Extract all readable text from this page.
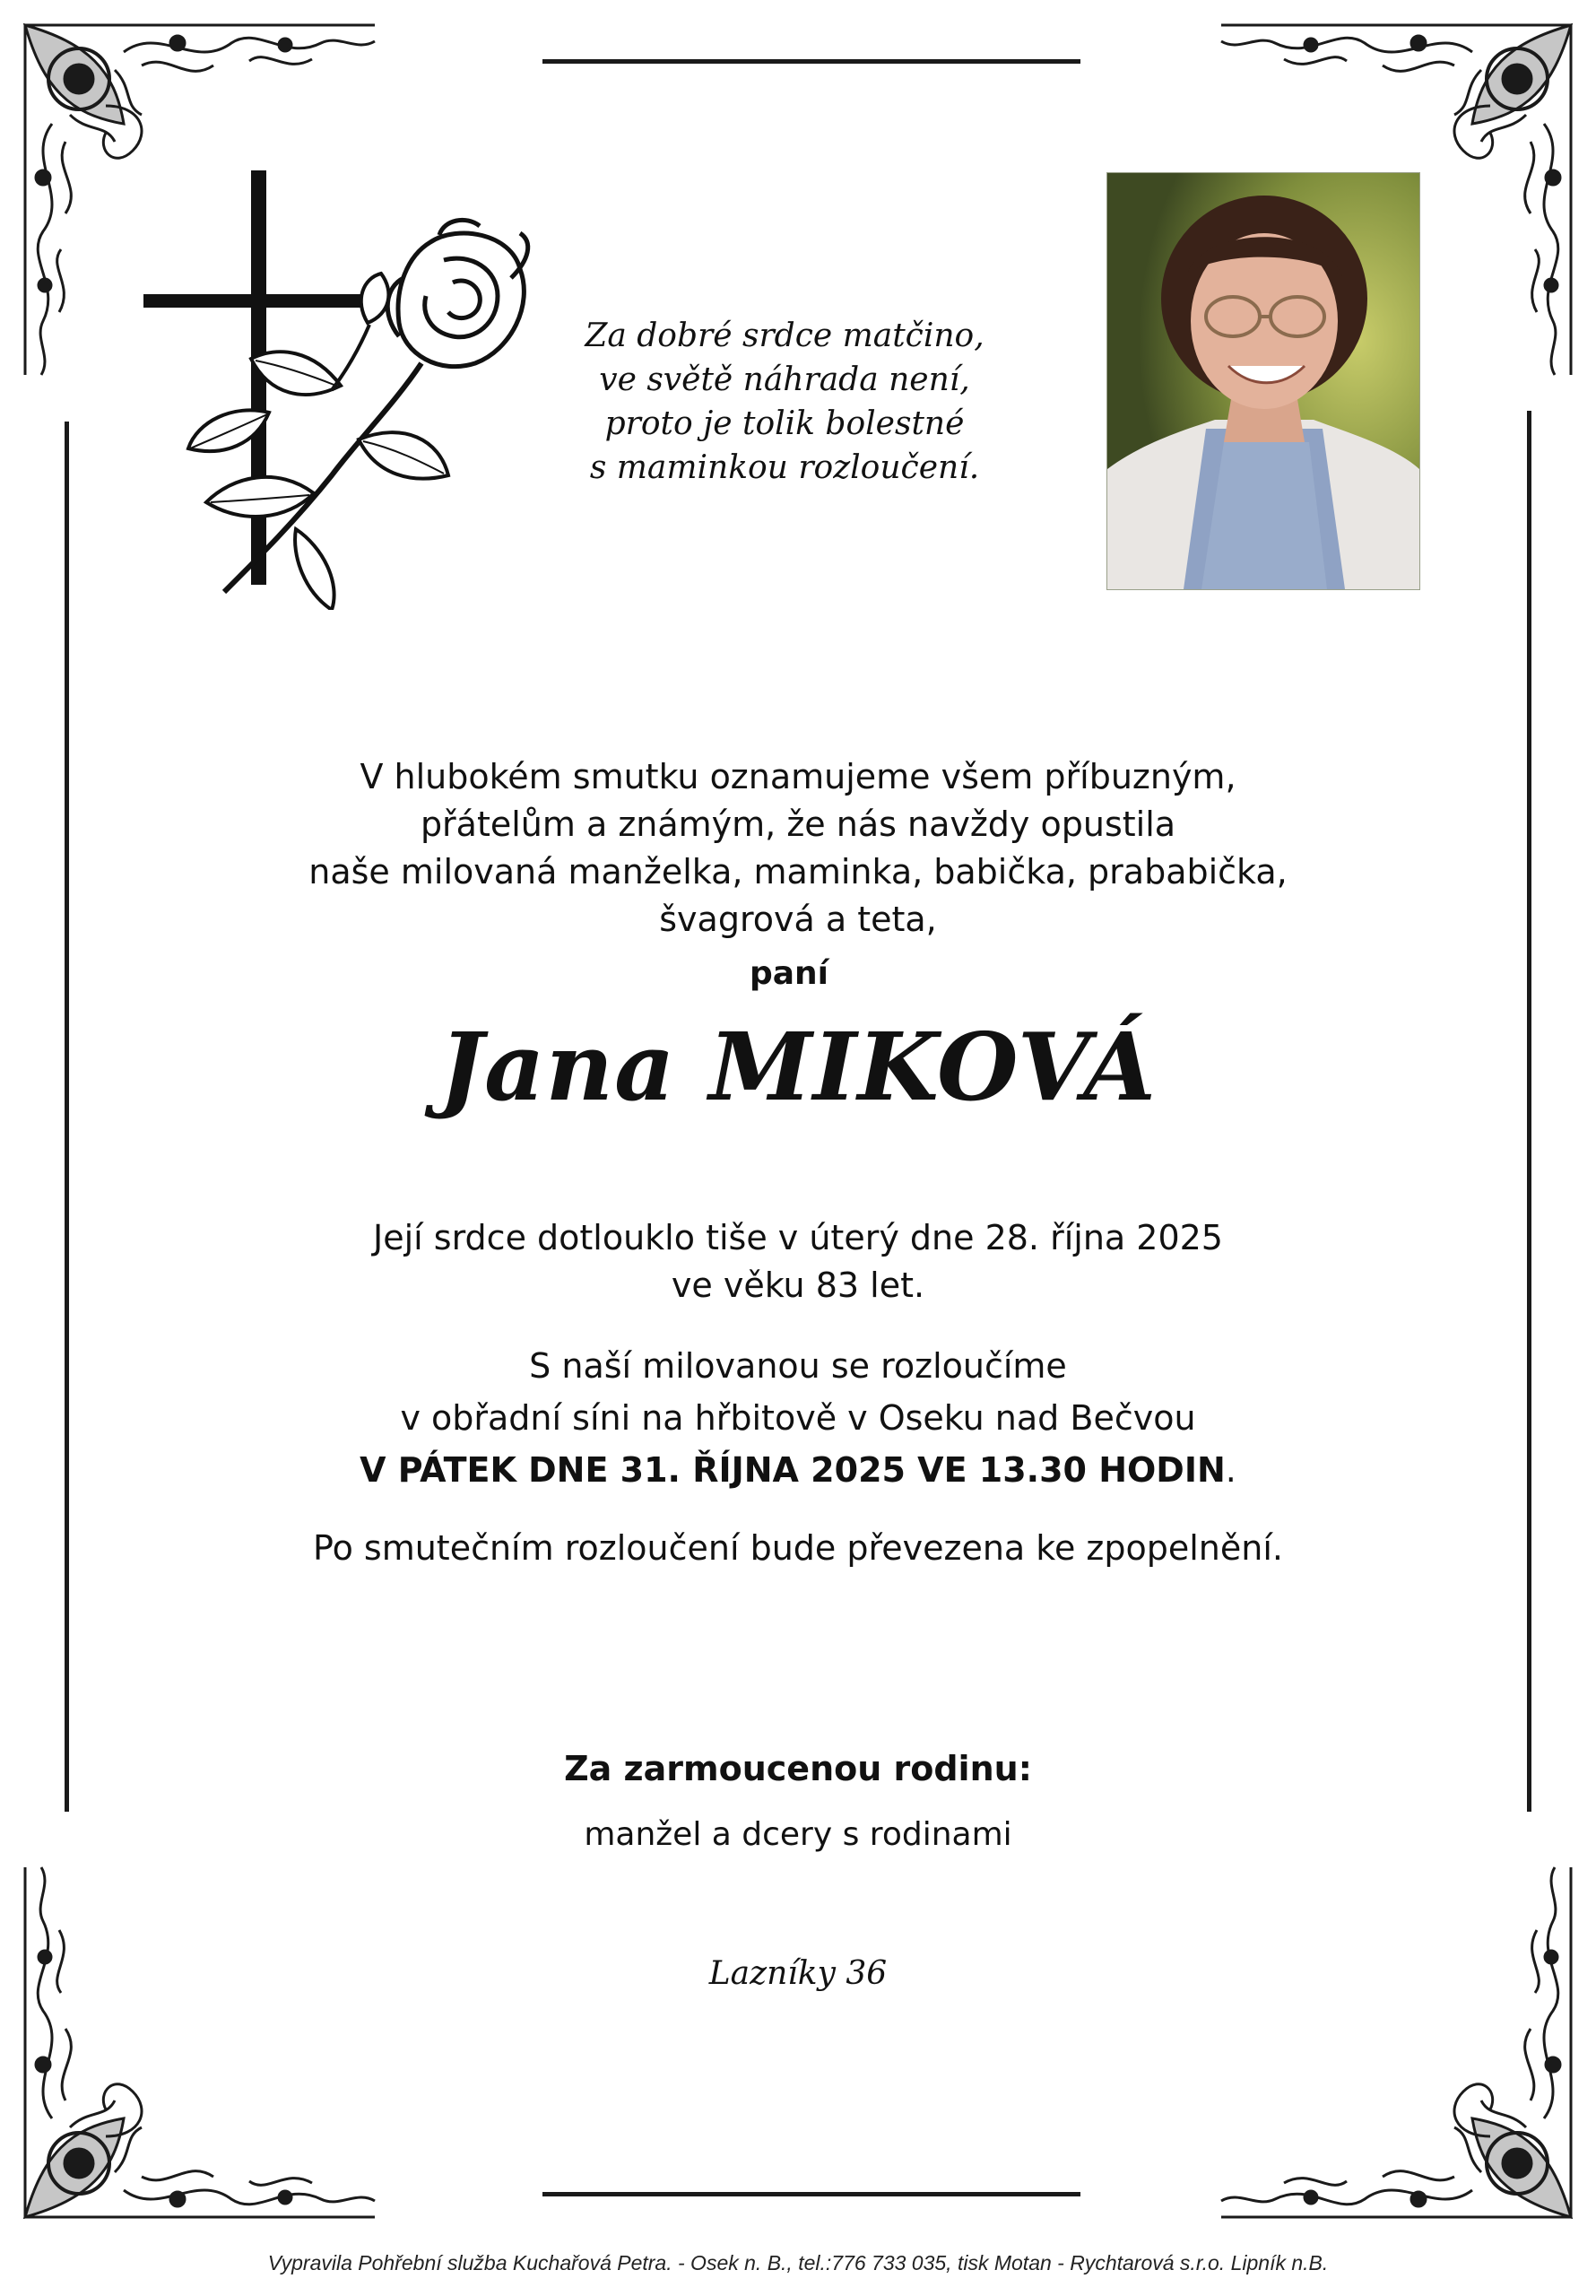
Za dobré srdce matčino,
ve světě náhrada není,
proto je tolik bolestné
s maminkou rozloučení.
V hlubokém smutku oznamujeme všem příbuzným,
přátelům a známým, že nás navždy opustila
naše milovaná manželka, maminka, babička, prababička,
švagrová a teta,
paní
Jana MIKOVÁ
Její srdce dotlouklo tiše v úterý dne 28. října 2025
ve věku 83 let.
S naší milovanou se rozloučíme
v obřadní síni na hřbitově v Oseku nad Bečvou
V PÁTEK DNE 31. ŘÍJNA 2025 VE 13.30 HODIN.
Po smutečním rozloučení bude převezena ke zpopelnění.
Za zarmoucenou rodinu:
manžel a dcery s rodinami
Lazníky 36
Vypravila Pohřební služba Kuchařová Petra. - Osek n. B., tel.:776 733 035, tisk Motan - Rychtarová s.r.o. Lipník n.B.
